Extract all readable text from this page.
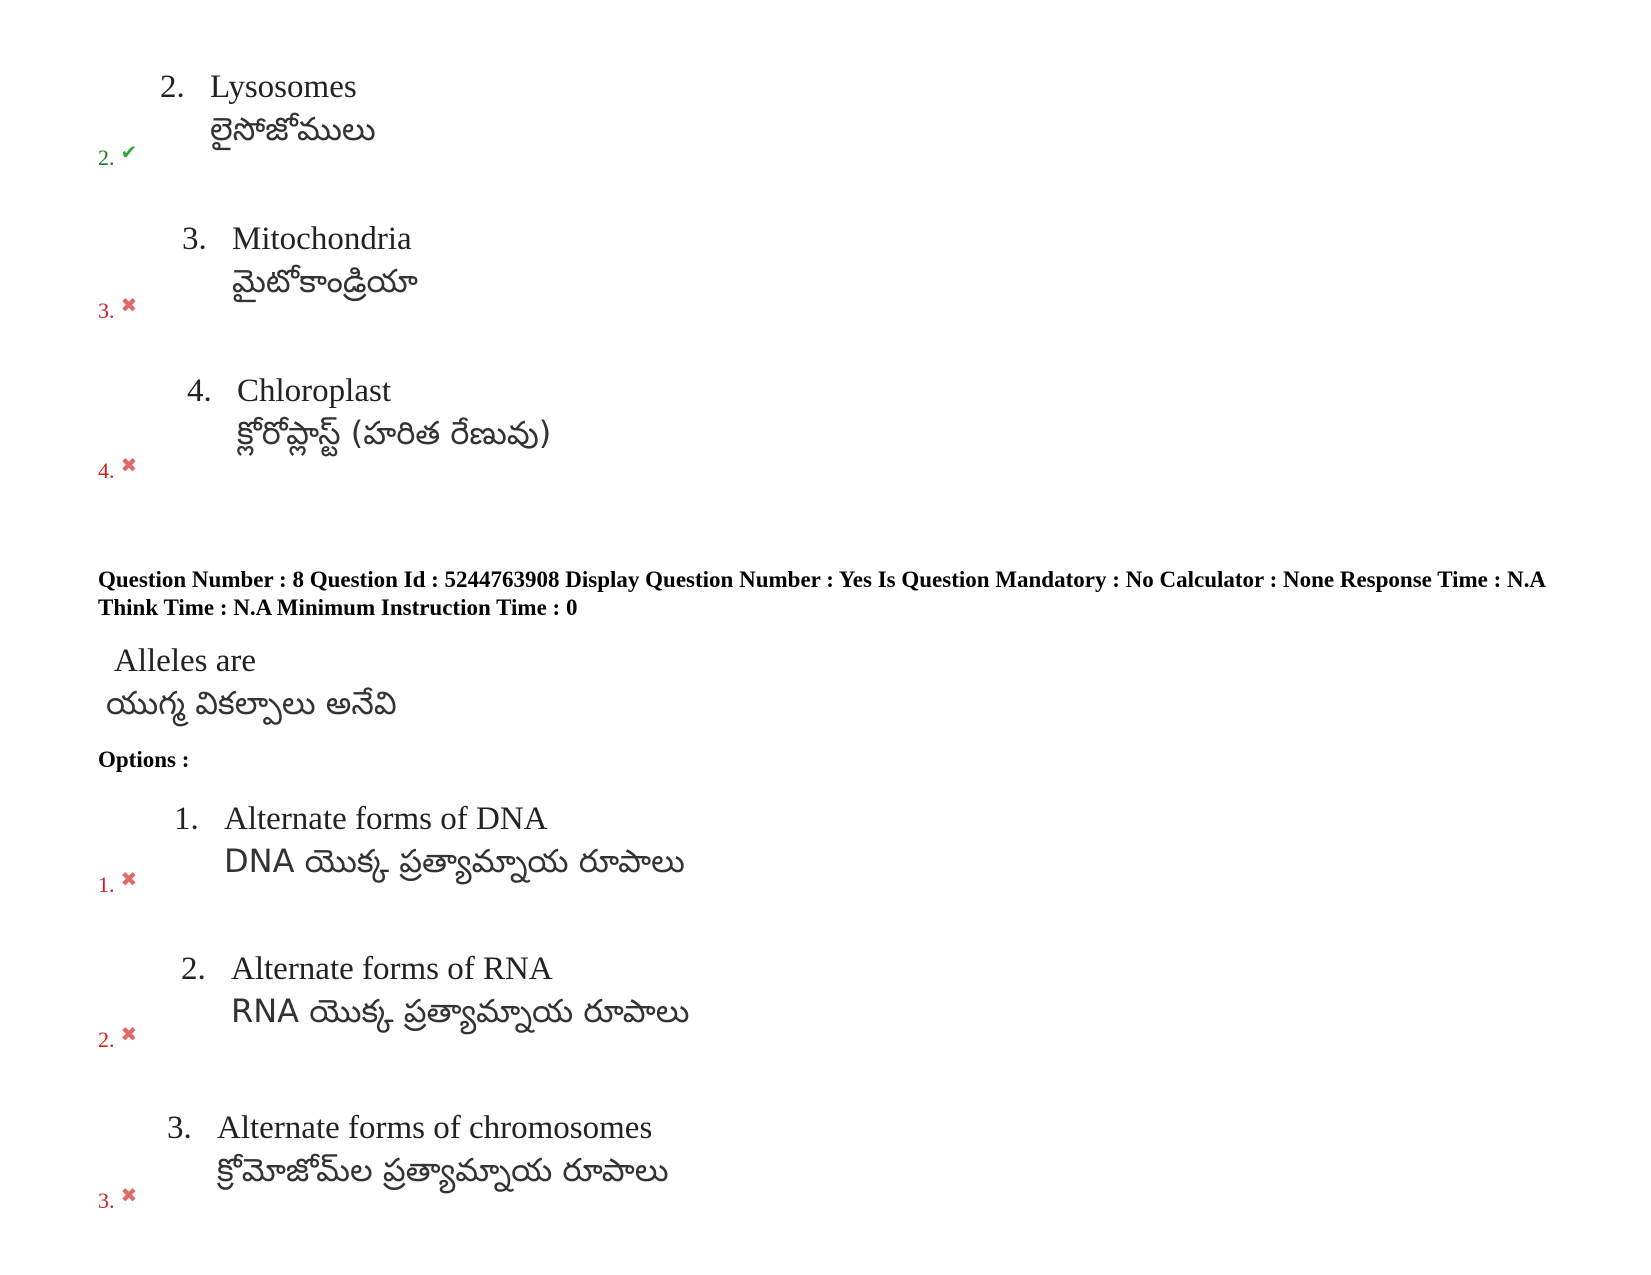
2. Lysosomes
లైసోజోములు
2. ✔
3. Mitochondria
మైటోకాండ్రియా
3. ✖
4. Chloroplast
క్లోరోప్లాస్ట్ (హరిత రేణువు)
4. ✖
Question Number : 8 Question Id : 5244763908 Display Question Number : Yes Is Question Mandatory : No Calculator : None Response Time : N.A Think Time : N.A Minimum Instruction Time : 0
Alleles are
యుగ్మ వికల్పాలు అనేవి
Options :
1. Alternate forms of DNA
DNA యొక్క ప్రత్యామ్నాయ రూపాలు
1. ✖
2. Alternate forms of RNA
RNA యొక్క ప్రత్యామ్నాయ రూపాలు
2. ✖
3. Alternate forms of chromosomes
క్రోమోజోమ్‌ల ప్రత్యామ్నాయ రూపాలు
3. ✖
